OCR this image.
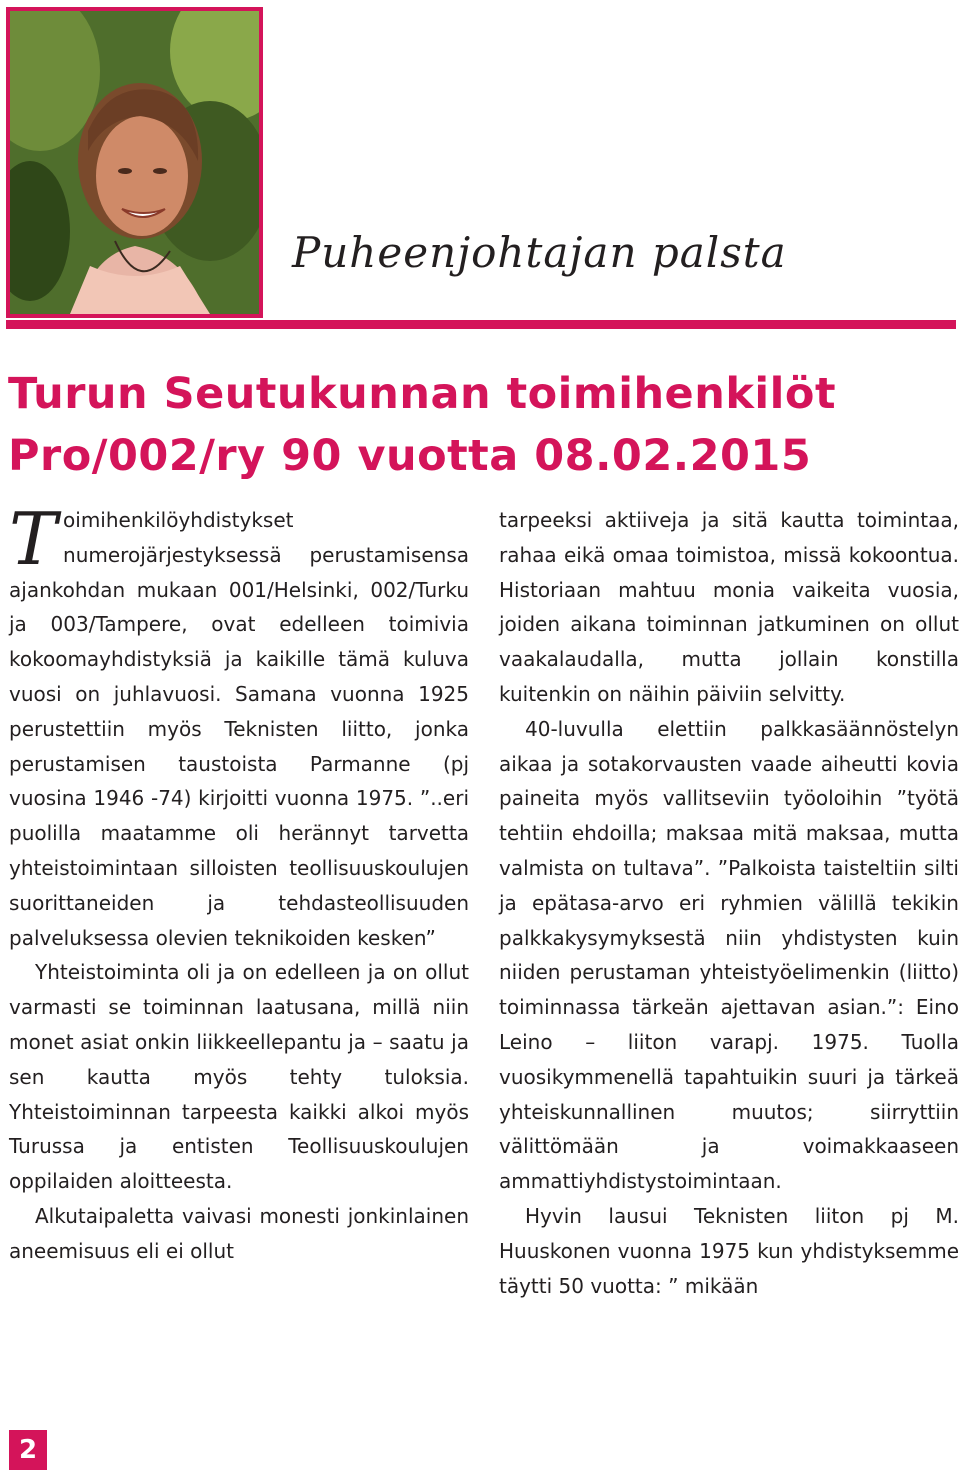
Puheenjohtajan palsta
Turun Seutukunnan toimihenkilöt
Pro/002/ry 90 vuotta 08.02.2015

Toimihenkilöyhdistykset numerojärjestyksessä perustamisensa ajankohdan mukaan 001/Helsinki, 002/Turku ja 003/Tampere, ovat edelleen toimivia kokoomayhdistyksiä ja kaikille tämä kuluva vuosi on juhlavuosi. Samana vuonna 1925 perustettiin myös Teknisten liitto, jonka perustamisen taustoista Parmanne (pj vuosina 1946 -74) kirjoitti vuonna 1975. ”..eri puolilla maatamme oli herännyt tarvetta yhteistoimintaan silloisten teollisuuskoulujen suorittaneiden ja tehdasteollisuuden palveluksessa olevien teknikoiden kesken”

Yhteistoiminta oli ja on edelleen ja on ollut varmasti se toiminnan laatusana, millä niin monet asiat onkin liikkeellepantu ja – saatu ja sen kautta myös tehty tuloksia. Yhteistoiminnan tarpeesta kaikki alkoi myös Turussa ja entisten Teollisuuskoulujen oppilaiden aloitteesta.

Alkutaipaletta vaivasi monesti jonkinlainen aneemisuus eli ei ollut

tarpeeksi aktiiveja ja sitä kautta toimintaa, rahaa eikä omaa toimistoa, missä kokoontua. Historiaan mahtuu monia vaikeita vuosia, joiden aikana toiminnan jatkuminen on ollut vaakalaudalla, mutta jollain konstilla kuitenkin on näihin päiviin selvitty.

40-luvulla elettiin palkkasäännöstelyn aikaa ja sotakorvausten vaade aiheutti kovia paineita myös vallitseviin työoloihin ”työtä tehtiin ehdoilla; maksaa mitä maksaa, mutta valmista on tultava”. ”Palkoista taisteltiin silti ja epätasa-arvo eri ryhmien välillä tekikin palkkakysymyksestä niin yhdistysten kuin niiden perustaman yhteistyöelimenkin (liitto) toiminnassa tärkeän ajettavan asian.”: Eino Leino – liiton varapj. 1975. Tuolla vuosikymmenellä tapahtuikin suuri ja tärkeä yhteiskunnallinen muutos; siirryttiin välittömään ja voimakkaaseen ammattiyhdistystoimintaan.

Hyvin lausui Teknisten liiton pj M. Huuskonen vuonna 1975 kun yhdistyksemme täytti 50 vuotta: ” mikään

2
